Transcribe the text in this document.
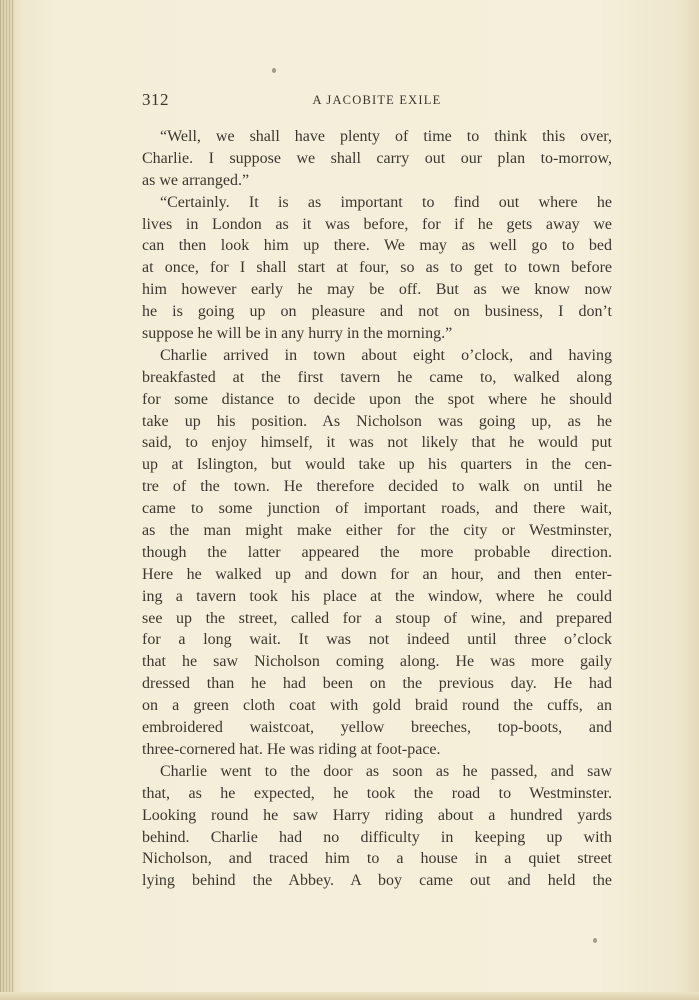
312	A JACOBITE EXILE
“Well, we shall have plenty of time to think this over,
Charlie. I suppose we shall carry out our plan to-morrow,
as we arranged.”
“Certainly. It is as important to find out where he
lives in London as it was before, for if he gets away we
can then look him up there. We may as well go to bed
at once, for I shall start at four, so as to get to town before
him however early he may be off. But as we know now
he is going up on pleasure and not on business, I don’t
suppose he will be in any hurry in the morning.”
Charlie arrived in town about eight o’clock, and having
breakfasted at the first tavern he came to, walked along
for some distance to decide upon the spot where he should
take up his position. As Nicholson was going up, as he
said, to enjoy himself, it was not likely that he would put
up at Islington, but would take up his quarters in the cen-
tre of the town. He therefore decided to walk on until he
came to some junction of important roads, and there wait,
as the man might make either for the city or Westminster,
though the latter appeared the more probable direction.
Here he walked up and down for an hour, and then enter-
ing a tavern took his place at the window, where he could
see up the street, called for a stoup of wine, and prepared
for a long wait. It was not indeed until three o’clock
that he saw Nicholson coming along. He was more gaily
dressed than he had been on the previous day. He had
on a green cloth coat with gold braid round the cuffs, an
embroidered waistcoat, yellow breeches, top-boots, and
three-cornered hat. He was riding at foot-pace.
Charlie went to the door as soon as he passed, and saw
that, as he expected, he took the road to Westminster.
Looking round he saw Harry riding about a hundred yards
behind. Charlie had no difficulty in keeping up with
Nicholson, and traced him to a house in a quiet street
lying behind the Abbey. A boy came out and held the
